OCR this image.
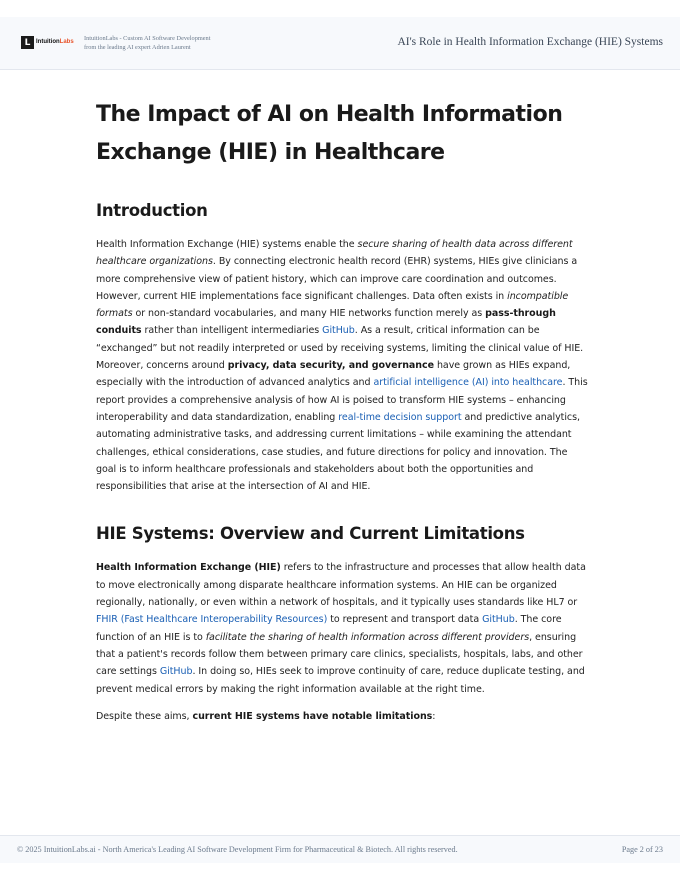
L IntuitionLabs IntuitionLabs - Custom AI Software Development
from the leading AI expert Adrien Laurent	AI's Role in Health Information Exchange (HIE) Systems
The Impact of AI on Health Information
Exchange (HIE) in Healthcare
Introduction

Health Information Exchange (HIE) systems enable the secure sharing of health data across different healthcare organizations. By connecting electronic health record (EHR) systems, HIEs give clinicians a more comprehensive view of patient history, which can improve care coordination and outcomes. However, current HIE implementations face significant challenges. Data often exists in incompatible formats or non-standard vocabularies, and many HIE networks function merely as pass-through conduits rather than intelligent intermediaries GitHub. As a result, critical information can be “exchanged” but not readily interpreted or used by receiving systems, limiting the clinical value of HIE. Moreover, concerns around privacy, data security, and governance have grown as HIEs expand, especially with the introduction of advanced analytics and artificial intelligence (AI) into healthcare. This report provides a comprehensive analysis of how AI is poised to transform HIE systems – enhancing interoperability and data standardization, enabling real-time decision support and predictive analytics, automating administrative tasks, and addressing current limitations – while examining the attendant challenges, ethical considerations, case studies, and future directions for policy and innovation. The goal is to inform healthcare professionals and stakeholders about both the opportunities and responsibilities that arise at the intersection of AI and HIE.

HIE Systems: Overview and Current Limitations

Health Information Exchange (HIE) refers to the infrastructure and processes that allow health data to move electronically among disparate healthcare information systems. An HIE can be organized regionally, nationally, or even within a network of hospitals, and it typically uses standards like HL7 or FHIR (Fast Healthcare Interoperability Resources) to represent and transport data GitHub. The core function of an HIE is to facilitate the sharing of health information across different providers, ensuring that a patient's records follow them between primary care clinics, specialists, hospitals, labs, and other care settings GitHub. In doing so, HIEs seek to improve continuity of care, reduce duplicate testing, and prevent medical errors by making the right information available at the right time.

Despite these aims, current HIE systems have notable limitations:

© 2025 IntuitionLabs.ai - North America's Leading AI Software Development Firm for Pharmaceutical & Biotech. All rights reserved.	Page 2 of 23
